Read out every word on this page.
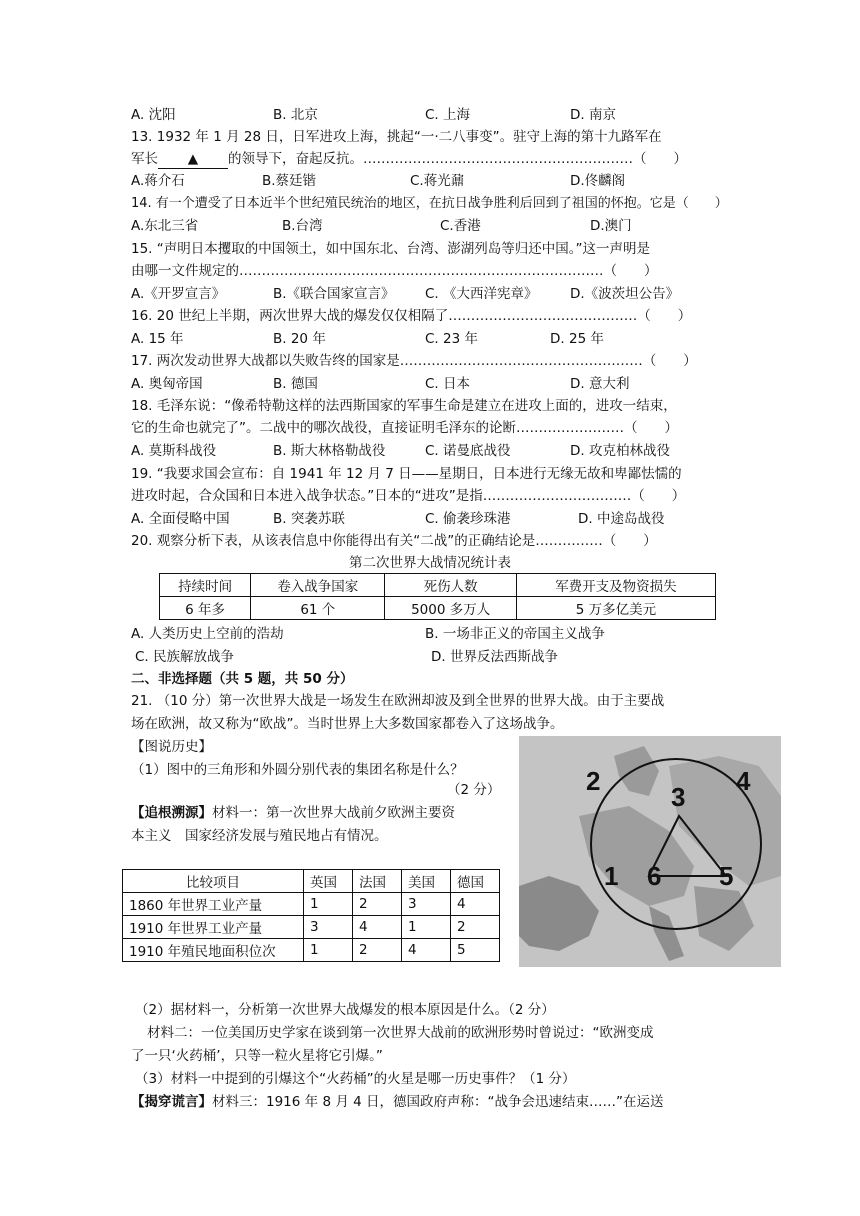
A. 沈阳	B. 北京	C. 上海	D. 南京
13. 1932 年 1 月 28 日，日军进攻上海，挑起“一·二八事变”。驻守上海的第十九路军在
军长 ▲ 的领导下，奋起反抗。……………………………………………………（　　）
A.蒋介石	B.蔡廷锴	C.蒋光鼐	D.佟麟阁
14. 有一个遭受了日本近半个世纪殖民统治的地区，在抗日战争胜利后回到了祖国的怀抱。它是（　　）
A.东北三省	B.台湾	C.香港	D.澳门
15. “声明日本攫取的中国领土，如中国东北、台湾、澎湖列岛等归还中国。”这一声明是
由哪一文件规定的………………………………………………………………………（　　）
A.《开罗宣言》	B.《联合国家宣言》 C. 《大西洋宪章》 D.《波茨坦公告》
16. 20 世纪上半期，两次世界大战的爆发仅仅相隔了……………………………………（　　）
A. 15 年	B. 20 年	C. 23 年	D. 25 年
17. 两次发动世界大战都以失败告终的国家是………………………………………………（　　）
A. 奥匈帝国	B. 德国	C. 日本	D. 意大利
18. 毛泽东说：“像希特勒这样的法西斯国家的军事生命是建立在进攻上面的，进攻一结束，
它的生命也就完了”。二战中的哪次战役，直接证明毛泽东的论断……………………（　　）
A. 莫斯科战役	B. 斯大林格勒战役	C. 诺曼底战役	D. 攻克柏林战役
19. “我要求国会宣布：自 1941 年 12 月 7 日——星期日，日本进行无缘无故和卑鄙怯懦的
进攻时起，合众国和日本进入战争状态。”日本的“进攻”是指……………………………（　　）
A. 全面侵略中国	B. 突袭苏联	C. 偷袭珍珠港	D. 中途岛战役
20. 观察分析下表，从该表信息中你能得出有关“二战”的正确结论是……………（　　）
第二次世界大战情况统计表
持续时间	卷入战争国家	死伤人数	军费开支及物资损失
6 年多	61 个	5000 多万人	5 万多亿美元
A. 人类历史上空前的浩劫	B. 一场非正义的帝国主义战争
C. 民族解放战争	D. 世界反法西斯战争
二、非选择题（共 5 题，共 50 分）
21. （10 分）第一次世界大战是一场发生在欧洲却波及到全世界的世界大战。由于主要战
场在欧洲，故又称为“欧战”。当时世界上大多数国家都卷入了这场战争。
【图说历史】
（1）图中的三角形和外圆分别代表的集团名称是什么？
（2 分）
【追根溯源】材料一：第一次世界大战前夕欧洲主要资
本主义　国家经济发展与殖民地占有情况。
2
3
4
1 6 5
比较项目	英国	法国	美国	德国
1860 年世界工业产量	1	2	3	4
1910 年世界工业产量	3	4	1	2
1910 年殖民地面积位次	1	2	4	5
（2）据材料一，分析第一次世界大战爆发的根本原因是什么。（2 分）
材料二：一位美国历史学家在谈到第一次世界大战前的欧洲形势时曾说过：“欧洲变成
了一只‘火药桶’，只等一粒火星将它引爆。”
（3）材料一中提到的引爆这个“火药桶”的火星是哪一历史事件？（1 分）
【揭穿谎言】材料三：1916 年 8 月 4 日，德国政府声称：“战争会迅速结束……”在运送
